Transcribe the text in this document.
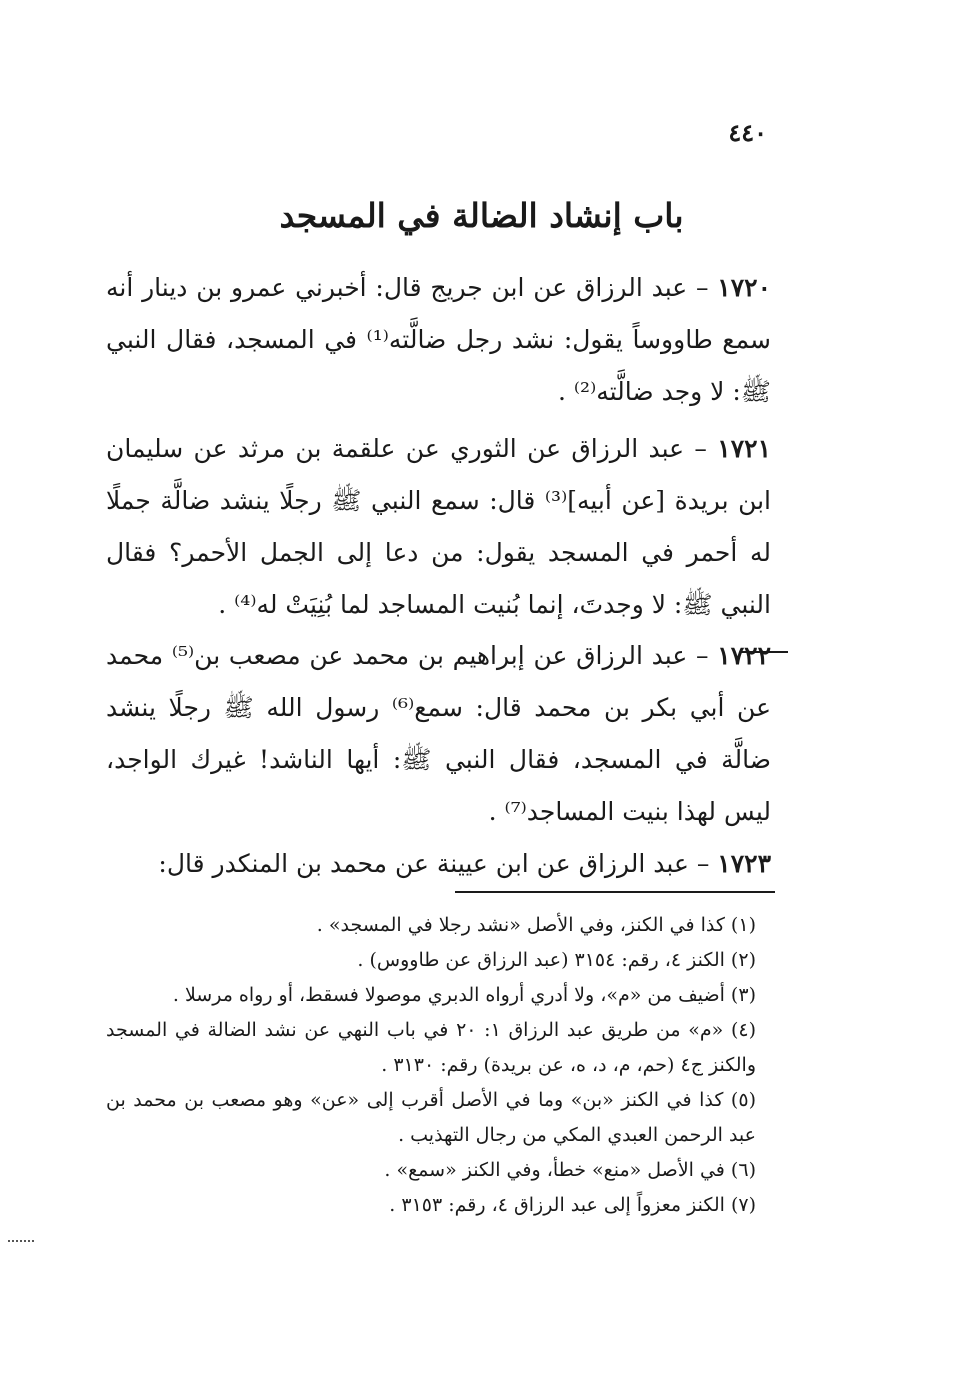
٤٤٠
باب إنشاد الضالة في المسجد
١٧٢٠ – عبد الرزاق عن ابن جريج قال: أخبرني عمرو بن دينار أنه سمع طاووساً يقول: نشد رجل ضالَّته⁽¹⁾ في المسجد، فقال النبي ﷺ: لا وجد ضالَّته⁽²⁾ .
١٧٢١ – عبد الرزاق عن الثوري عن علقمة بن مرثد عن سليمان ابن بريدة [عن أبيه]⁽³⁾ قال: سمع النبي ﷺ رجلًا ينشد ضالَّة جملًا له أحمر في المسجد يقول: من دعا إلى الجمل الأحمر؟ فقال النبي ﷺ: لا وجدتَ، إنما بُنيت المساجد لما بُنِيَتْ له⁽⁴⁾ .
١٧٢٢ – عبد الرزاق عن إبراهيم بن محمد عن مصعب بن⁽⁵⁾ محمد عن أبي بكر بن محمد قال: سمع⁽⁶⁾ رسول الله ﷺ رجلًا ينشد ضالَّة في المسجد، فقال النبي ﷺ: أيها الناشد! غيرك الواجد، ليس لهذا بنيت المساجد⁽⁷⁾ .
١٧٢٣ – عبد الرزاق عن ابن عيينة عن محمد بن المنكدر قال:
(١) كذا في الكنز، وفي الأصل «نشد رجلا في المسجد» .
(٢) الكنز ٤، رقم: ٣١٥٤ (عبد الرزاق عن طاووس) .
(٣) أضيف من «م»، ولا أدري أرواه الدبري موصولا فسقط، أو رواه مرسلا .
(٤) «م» من طريق عبد الرزاق ١: ٢٠ في باب النهي عن نشد الضالة في المسجد والكنز ج٤ (حم، م، د، ه، عن بريدة) رقم: ٣١٣٠ .
(٥) كذا في الكنز «بن» وما في الأصل أقرب إلى «عن» وهو مصعب بن محمد بن عبد الرحمن العبدي المكي من رجال التهذيب .
(٦) في الأصل «منع» خطأ، وفي الكنز «سمع» .
(٧) الكنز معزواً إلى عبد الرزاق ٤، رقم: ٣١٥٣ .
